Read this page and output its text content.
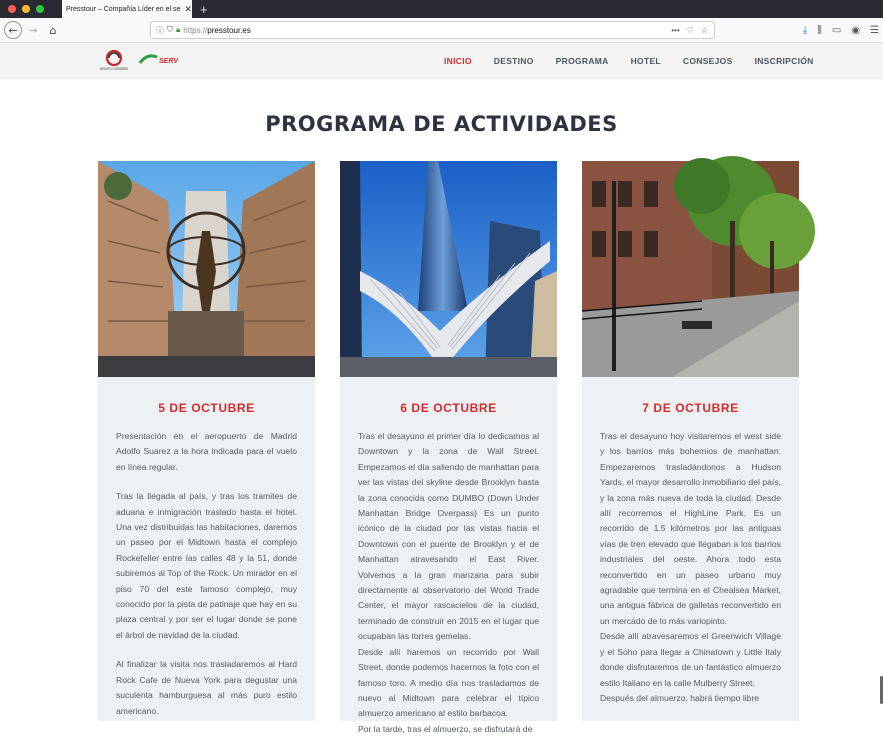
Presstour – Compañía Líder en el se ✕ +
← →	⌂	ⓘ ⛉ 🔒︎ https:// presstour.es	••• ♡ ☆	⤓ ⫼ ▭ ◉ ☰
GRUPO COPAMES
SERV	INICIO	DESTINO	PROGRAMA	HOTEL	CONSEJOS	INSCRIPCIÓN
PROGRAMA DE ACTIVIDADES
5 DE OCTUBRE

Presentación en el aeropuerto de Madrid Adolfo Suarez a la hora indicada para el vuelo en línea regular.

Tras la llegada al país, y tras los tramites de aduana e inmigración traslado hasta el hotel. Una vez distribuidas las habitaciones, daremos un paseo por el Midtown hasta el complejo Rockefeller entre las calles 48 y la 51, donde subiremos al Top of the Rock. Un mirador en el piso 70 del este famoso complejo, muy conocido por la pista de patinaje que hay en su plaza central y por ser el lugar donde se pone el árbol de navidad de la ciudad.

Al finalizar la visita nos trasladaremos al Hard Rock Cafe de Nueva York para degustar una suculenta hamburguesa al más puro estilo americano.

6 DE OCTUBRE

Tras el desayuno el primer día lo dedicamos al Downtown y la zona de Wall Street. Empezamos el día saliendo de manhattan para ver las vistas del skyline desde Brooklyn hasta la zona conocida como DUMBO (Down Under Manhattan Bridge Overpass) Es un punto icónico de la ciudad por las vistas hacia el Downtown con el puente de Brooklyn y el de Manhattan atravesando el East River. Volvemos a la gran manzana para subir directamente al observatorio del World Trade Center, el mayor rascacielos de la ciudad, terminado de construir en 2015 en el lugar que ocupaban las torres gemelas.

Desde allí haremos un recorrido por Wall Street, donde podemos hacernos la foto con el famoso toro. A medio día nos trasladamos de nuevo al Midtown para celebrar el típico almuerzo americano al estilo barbacoa.

Por la tarde, tras el almuerzo, se disfrutará de

7 DE OCTUBRE

Tras el desayuno hoy visitaremos el west side y los barrios más bohemios de manhattan. Empezaremos trasladándonos a Hudson Yards, el mayor desarrollo inmobiliario del país, y la zona más nueva de toda la ciudad. Desde allí recorremos el HighLine Park. Es un recorrido de 1.5 kilómetros por las antiguas vías de tren elevado que llegaban a los barrios industriales del oeste. Ahora todo esta reconvertido en un paseo urbano muy agradable que termina en el Chealsea Market, una antigua fábrica de galletas reconvertido en un mercado de lo más variopinto.

Desde allí atravesaremos el Greenwich Village y el Soho para llegar a Chinatown y Little Italy donde disfrutaremos de un fantástico almuerzo estilo Italiano en la calle Mulberry Street.

Después del almuerzo, habrá tiempo libre
